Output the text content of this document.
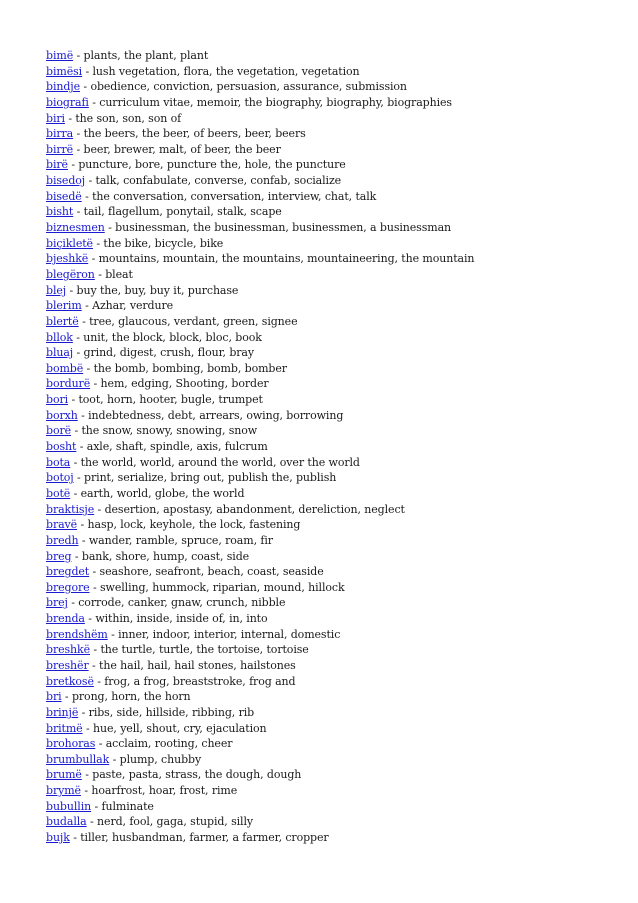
bimë - plants, the plant, plant
bimësi - lush vegetation, flora, the vegetation, vegetation
bindje - obedience, conviction, persuasion, assurance, submission
biografi - curriculum vitae, memoir, the biography, biography, biographies
biri - the son, son, son of
birra - the beers, the beer, of beers, beer, beers
birrë - beer, brewer, malt, of beer, the beer
birë - puncture, bore, puncture the, hole, the puncture
bisedoj - talk, confabulate, converse, confab, socialize
bisedë - the conversation, conversation, interview, chat, talk
bisht - tail, flagellum, ponytail, stalk, scape
biznesmen - businessman, the businessman, businessmen, a businessman
biçikletë - the bike, bicycle, bike
bjeshkë - mountains, mountain, the mountains, mountaineering, the mountain
blegëron - bleat
blej - buy the, buy, buy it, purchase
blerim - Azhar, verdure
blertë - tree, glaucous, verdant, green, signee
bllok - unit, the block, block, bloc, book
bluaj - grind, digest, crush, flour, bray
bombë - the bomb, bombing, bomb, bomber
bordurë - hem, edging, Shooting, border
bori - toot, horn, hooter, bugle, trumpet
borxh - indebtedness, debt, arrears, owing, borrowing
borë - the snow, snowy, snowing, snow
bosht - axle, shaft, spindle, axis, fulcrum
bota - the world, world, around the world, over the world
botoj - print, serialize, bring out, publish the, publish
botë - earth, world, globe, the world
braktisje - desertion, apostasy, abandonment, dereliction, neglect
bravë - hasp, lock, keyhole, the lock, fastening
bredh - wander, ramble, spruce, roam, fir
breg - bank, shore, hump, coast, side
bregdet - seashore, seafront, beach, coast, seaside
bregore - swelling, hummock, riparian, mound, hillock
brej - corrode, canker, gnaw, crunch, nibble
brenda - within, inside, inside of, in, into
brendshëm - inner, indoor, interior, internal, domestic
breshkë - the turtle, turtle, the tortoise, tortoise
breshër - the hail, hail, hail stones, hailstones
bretkosë - frog, a frog, breaststroke, frog and
bri - prong, horn, the horn
brinjë - ribs, side, hillside, ribbing, rib
britmë - hue, yell, shout, cry, ejaculation
brohoras - acclaim, rooting, cheer
brumbullak - plump, chubby
brumë - paste, pasta, strass, the dough, dough
brymë - hoarfrost, hoar, frost, rime
bubullin - fulminate
budalla - nerd, fool, gaga, stupid, silly
bujk - tiller, husbandman, farmer, a farmer, cropper
